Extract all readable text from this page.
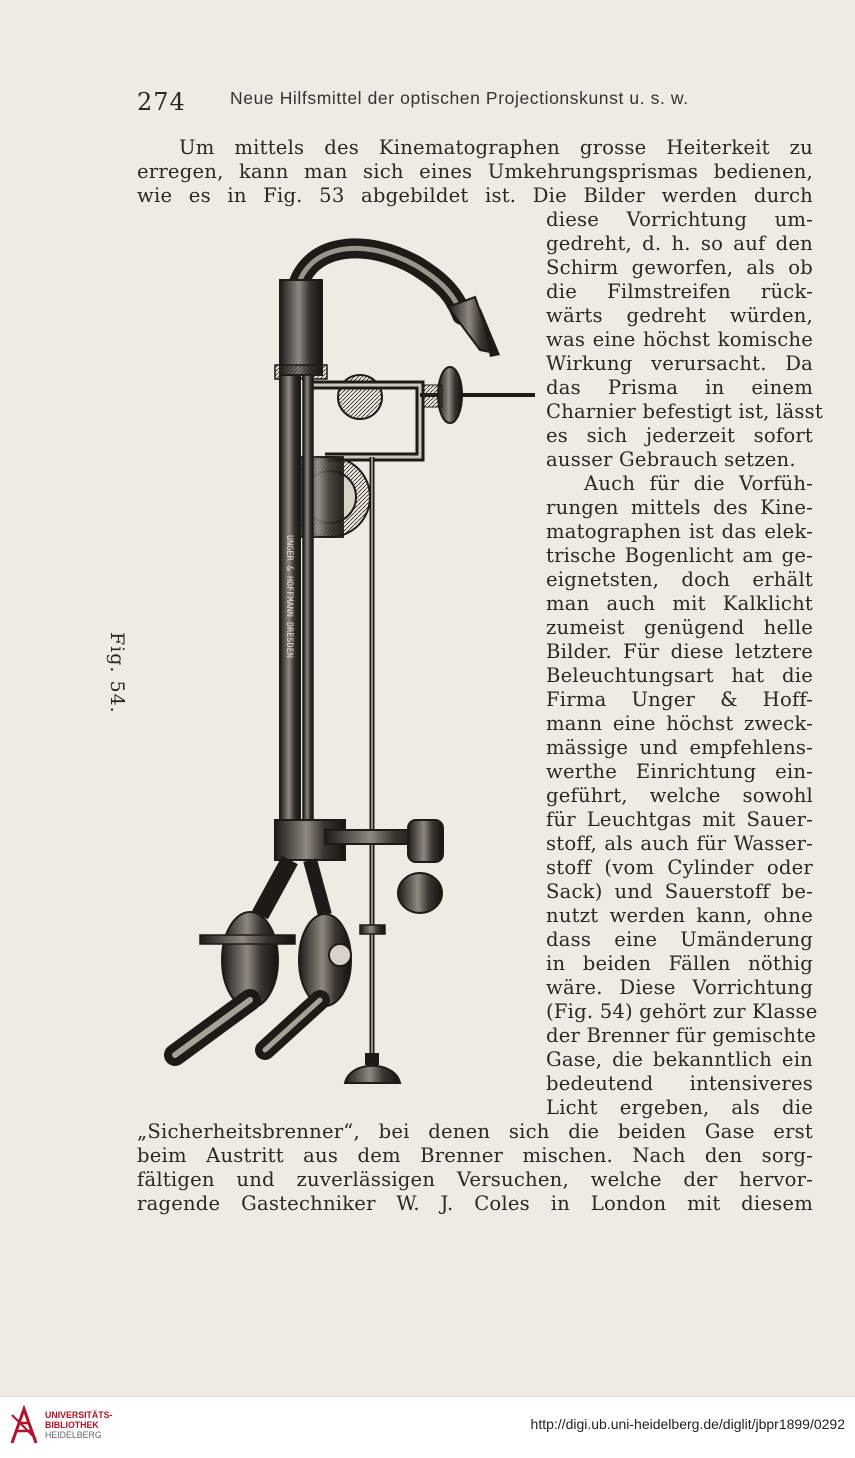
274	Neue Hilfsmittel der optischen Projectionskunst u. s. w.
Um mittels des Kinematographen grosse Heiterkeit zu
erregen, kann man sich eines Umkehrungsprismas bedienen,
wie es in Fig. 53 abgebildet ist. Die Bilder werden durch
diese Vorrichtung um-
gedreht, d. h. so auf den
Schirm geworfen, als ob
die Filmstreifen rück-
wärts gedreht würden,
was eine höchst komische
Wirkung verursacht. Da
das Prisma in einem
Charnier befestigt ist, lässt
es sich jederzeit sofort
ausser Gebrauch setzen.
Auch für die Vorfüh-
rungen mittels des Kine-
matographen ist das elek-
trische Bogenlicht am ge-
eignetsten, doch erhält
man auch mit Kalklicht
zumeist genügend helle
Bilder. Für diese letztere
Beleuchtungsart hat die
Firma Unger & Hoff-
mann eine höchst zweck-
mässige und empfehlens-
werthe Einrichtung ein-
geführt, welche sowohl
für Leuchtgas mit Sauer-
stoff, als auch für Wasser-
stoff (vom Cylinder oder
Sack) und Sauerstoff be-
nutzt werden kann, ohne
dass eine Umänderung
in beiden Fällen nöthig
wäre. Diese Vorrichtung
(Fig. 54) gehört zur Klasse
der Brenner für gemischte
Gase, die bekanntlich ein
bedeutend intensiveres
Licht ergeben, als die
„Sicherheitsbrenner“, bei denen sich die beiden Gase erst
beim Austritt aus dem Brenner mischen. Nach den sorg-
fältigen und zuverlässigen Versuchen, welche der hervor-
ragende Gastechniker W. J. Coles in London mit diesem
Fig. 54.
UNGER & HOFFMANN DRESDEN
UNIVERSITÄTS-
BIBLIOTHEK
HEIDELBERG
http://digi.ub.uni-heidelberg.de/diglit/jbpr1899/0292
